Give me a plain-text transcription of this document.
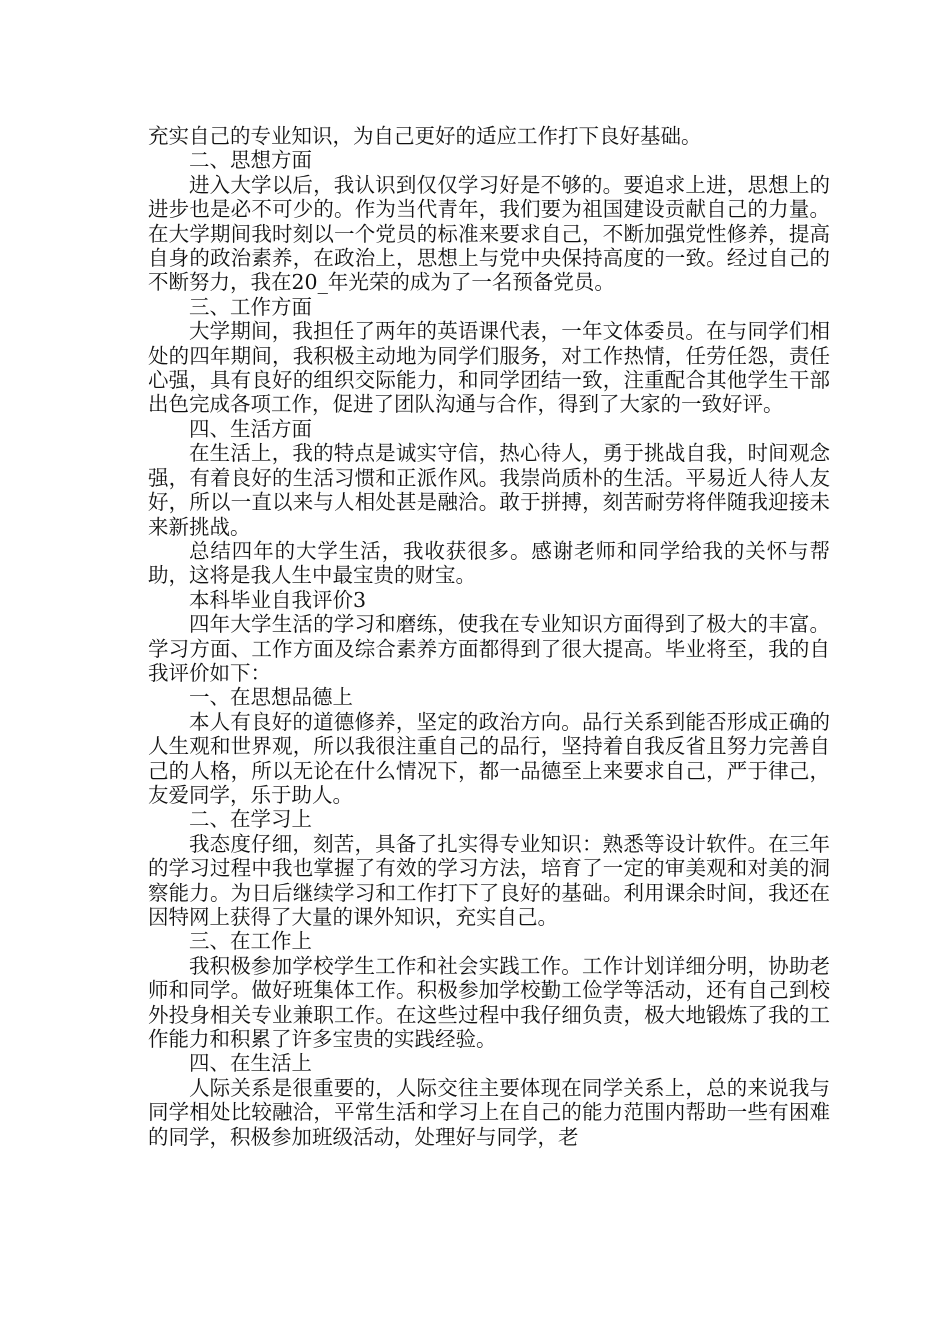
充实自己的专业知识，为自己更好的适应工作打下良好基础。

二、思想方面

进入大学以后，我认识到仅仅学习好是不够的。要追求上进，思想上的进步也是必不可少的。作为当代青年，我们要为祖国建设贡献自己的力量。在大学期间我时刻以一个党员的标准来要求自己，不断加强党性修养，提高自身的政治素养，在政治上，思想上与党中央保持高度的一致。经过自己的不断努力，我在20_年光荣的成为了一名预备党员。

三、工作方面

大学期间，我担任了两年的英语课代表，一年文体委员。在与同学们相处的四年期间，我积极主动地为同学们服务，对工作热情，任劳任怨，责任心强，具有良好的组织交际能力，和同学团结一致，注重配合其他学生干部出色完成各项工作，促进了团队沟通与合作，得到了大家的一致好评。

四、生活方面

在生活上，我的特点是诚实守信，热心待人，勇于挑战自我，时间观念强，有着良好的生活习惯和正派作风。我崇尚质朴的生活。平易近人待人友好，所以一直以来与人相处甚是融洽。敢于拼搏，刻苦耐劳将伴随我迎接未来新挑战。

总结四年的大学生活，我收获很多。感谢老师和同学给我的关怀与帮助，这将是我人生中最宝贵的财宝。

本科毕业自我评价3

四年大学生活的学习和磨练，使我在专业知识方面得到了极大的丰富。学习方面、工作方面及综合素养方面都得到了很大提高。毕业将至，我的自我评价如下：

一、在思想品德上

本人有良好的道德修养，坚定的政治方向。品行关系到能否形成正确的人生观和世界观，所以我很注重自己的品行，坚持着自我反省且努力完善自己的人格，所以无论在什么情况下，都一品德至上来要求自己，严于律己，友爱同学，乐于助人。

二、在学习上

我态度仔细，刻苦，具备了扎实得专业知识：熟悉等设计软件。在三年的学习过程中我也掌握了有效的学习方法，培育了一定的审美观和对美的洞察能力。为日后继续学习和工作打下了良好的基础。利用课余时间，我还在因特网上获得了大量的课外知识，充实自己。

三、在工作上

我积极参加学校学生工作和社会实践工作。工作计划详细分明，协助老师和同学。做好班集体工作。积极参加学校勤工俭学等活动，还有自己到校外投身相关专业兼职工作。在这些过程中我仔细负责，极大地锻炼了我的工作能力和积累了许多宝贵的实践经验。

四、在生活上

人际关系是很重要的，人际交往主要体现在同学关系上，总的来说我与同学相处比较融洽，平常生活和学习上在自己的能力范围内帮助一些有困难的同学，积极参加班级活动，处理好与同学，老
